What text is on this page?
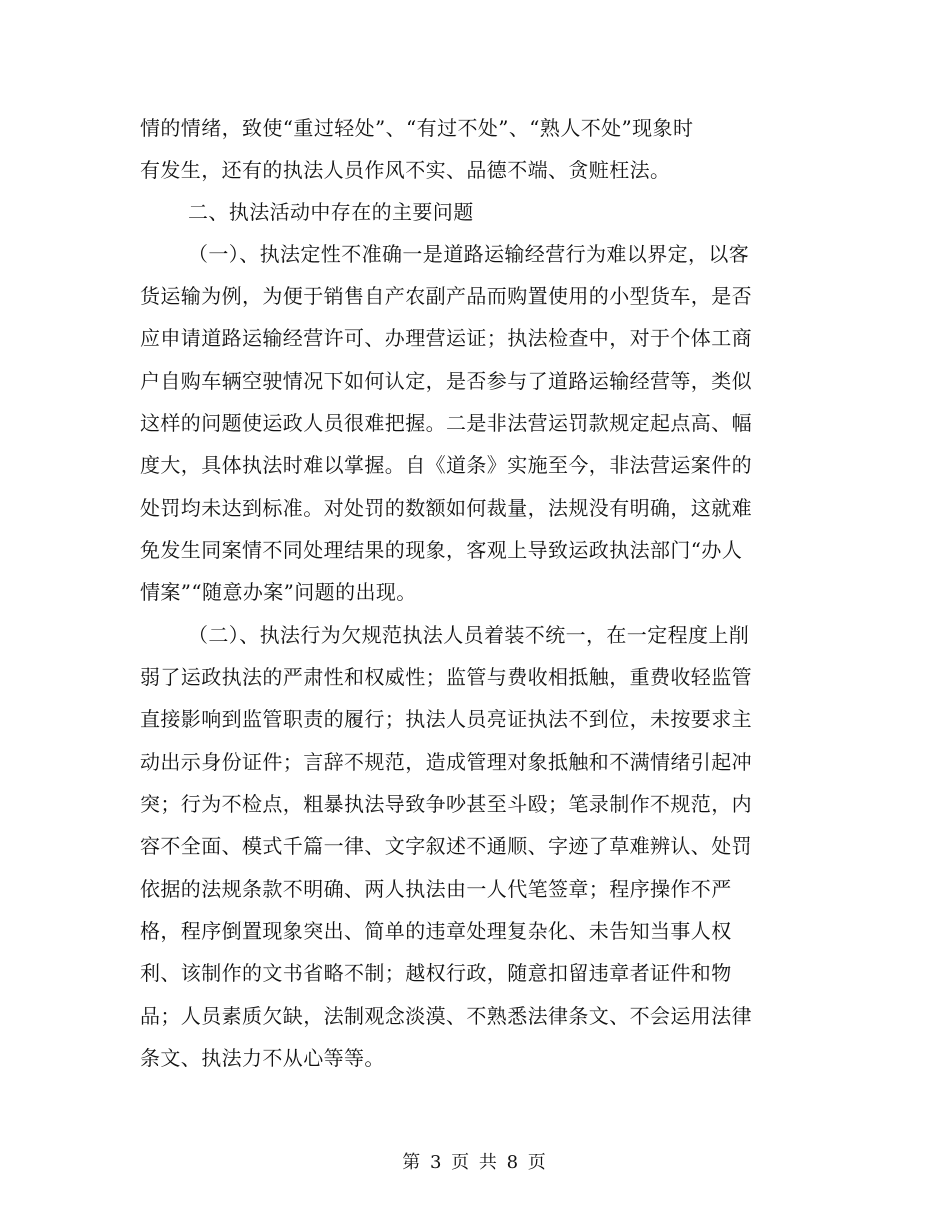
情的情绪，致使“重过轻处”、“有过不处”、“熟人不处”现象时
有发生，还有的执法人员作风不实、品德不端、贪赃枉法。
二、执法活动中存在的主要问题
（一）、执法定性不准确一是道路运输经营行为难以界定，以客
货运输为例，为便于销售自产农副产品而购置使用的小型货车，是否
应申请道路运输经营许可、办理营运证；执法检查中，对于个体工商
户自购车辆空驶情况下如何认定，是否参与了道路运输经营等，类似
这样的问题使运政人员很难把握。二是非法营运罚款规定起点高、幅
度大，具体执法时难以掌握。自《道条》实施至今，非法营运案件的
处罚均未达到标准。对处罚的数额如何裁量，法规没有明确，这就难
免发生同案情不同处理结果的现象，客观上导致运政执法部门“办人
情案”“随意办案”问题的出现。
（二）、执法行为欠规范执法人员着装不统一，在一定程度上削
弱了运政执法的严肃性和权威性；监管与费收相抵触，重费收轻监管
直接影响到监管职责的履行；执法人员亮证执法不到位，未按要求主
动出示身份证件；言辞不规范，造成管理对象抵触和不满情绪引起冲
突；行为不检点，粗暴执法导致争吵甚至斗殴；笔录制作不规范，内
容不全面、模式千篇一律、文字叙述不通顺、字迹了草难辨认、处罚
依据的法规条款不明确、两人执法由一人代笔签章；程序操作不严
格，程序倒置现象突出、简单的违章处理复杂化、未告知当事人权
利、该制作的文书省略不制；越权行政，随意扣留违章者证件和物
品；人员素质欠缺，法制观念淡漠、不熟悉法律条文、不会运用法律
条文、执法力不从心等等。
第 3 页 共 8 页
